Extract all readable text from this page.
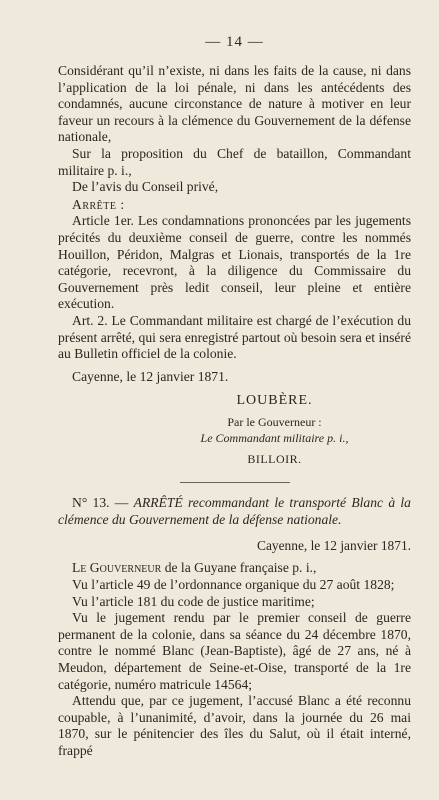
— 14 —

Considérant qu’il n’existe, ni dans les faits de la cause, ni dans l’application de la loi pénale, ni dans les antécédents des condamnés, aucune circonstance de nature à motiver en leur faveur un recours à la clémence du Gouvernement de la défense nationale,

Sur la proposition du Chef de bataillon, Commandant militaire p. i.,

De l’avis du Conseil privé,

Arrête :

Article 1er. Les condamnations prononcées par les jugements précités du deuxième conseil de guerre, contre les nommés Houillon, Péridon, Malgras et Lionais, transportés de la 1re catégorie, recevront, à la diligence du Commissaire du Gouvernement près ledit conseil, leur pleine et entière exécution.

Art. 2. Le Commandant militaire est chargé de l’exécution du présent arrêté, qui sera enregistré partout où besoin sera et inséré au Bulletin officiel de la colonie.

Cayenne, le 12 janvier 1871.

LOUBÈRE.
Par le Gouverneur :
Le Commandant militaire p. i.,
BILLOIR.

N° 13. — ARRÊTÉ recommandant le transporté Blanc à la clémence du Gouvernement de la défense nationale.

Cayenne, le 12 janvier 1871.

Le Gouverneur de la Guyane française p. i.,

Vu l’article 49 de l’ordonnance organique du 27 août 1828;

Vu l’article 181 du code de justice maritime;

Vu le jugement rendu par le premier conseil de guerre permanent de la colonie, dans sa séance du 24 décembre 1870, contre le nommé Blanc (Jean-Baptiste), âgé de 27 ans, né à Meudon, département de Seine-et-Oise, transporté de la 1re catégorie, numéro matricule 14564;

Attendu que, par ce jugement, l’accusé Blanc a été reconnu coupable, à l’unanimité, d’avoir, dans la journée du 26 mai 1870, sur le pénitencier des îles du Salut, où il était interné, frappé
